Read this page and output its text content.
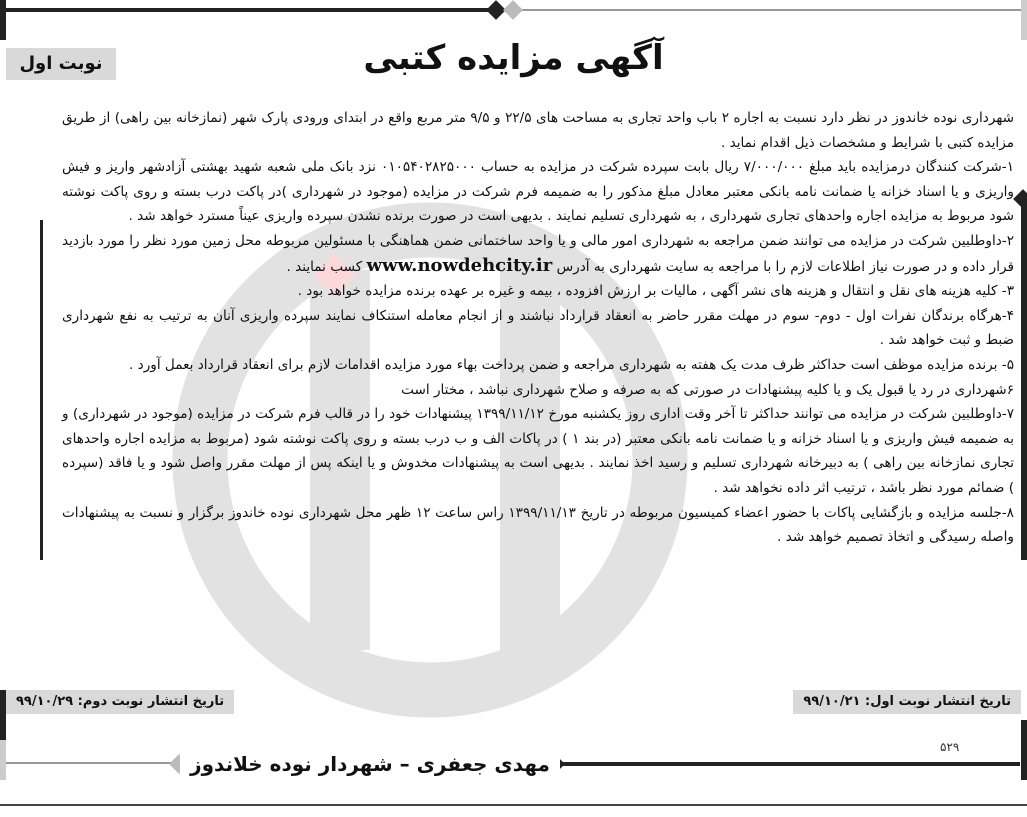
نوبت اول	آگهی مزایده کتبی

شهرداری نوده خاندوز در نظر دارد نسبت به اجاره ۲ باب واحد تجاری به مساحت های ۲۲/۵ و ۹/۵ متر مربع واقع در ابتدای ورودی پارک شهر (نمازخانه بین راهی) از طریق مزایده کتبی با شرایط و مشخصات ذیل اقدام نماید .

۱-شرکت کنندگان درمزایده باید مبلغ ۷/۰۰۰/۰۰۰ ریال بابت سپرده شرکت در مزایده به حساب ۰۱۰۵۴۰۲۸۲۵۰۰۰ نزد بانک ملی شعبه شهید بهشتی آزادشهر واریز و فیش واریزی و یا اسناد خزانه یا ضمانت نامه بانکی معتبر معادل مبلغ مذکور را به ضمیمه فرم شرکت در مزایده (موجود در شهرداری )در پاکت درب بسته و روی پاکت نوشته شود مربوط به مزایده اجاره واحدهای تجاری شهرداری ، به شهرداری تسلیم نمایند . بدیهی است در صورت برنده نشدن سپرده واریزی عیناً مسترد خواهد شد .

۲-داوطلبین شرکت در مزایده می توانند ضمن مراجعه به شهرداری امور مالی و یا واحد ساختمانی ضمن هماهنگی با مسئولین مربوطه محل زمین مورد نظر را مورد بازدید قرار داده و در صورت نیاز اطلاعات لازم را با مراجعه به سایت شهرداری به آدرس www.nowdehcity.ir کسب نمایند .

۳- کلیه هزینه های نقل و انتقال و هزینه های نشر آگهی ، مالیات بر ارزش افزوده ، بیمه و غیره بر عهده برنده مزایده خواهد بود .

۴-هرگاه برندگان نفرات اول - دوم- سوم در مهلت مقرر حاضر به انعقاد قرارداد نباشند و از انجام معامله استنکاف نمایند سپرده واریزی آنان به ترتیب به نفع شهرداری ضبط و ثبت خواهد شد .

۵- برنده مزایده موظف است حداکثر ظرف مدت یک هفته به شهرداری مراجعه و ضمن پرداخت بهاء مورد مزایده اقدامات لازم برای انعقاد قرارداد بعمل آورد .

۶شهرداری در رد یا قبول یک و یا کلیه پیشنهادات در صورتی که به صرفه و صلاح شهرداری نباشد ، مختار است

۷-داوطلبین شرکت در مزایده می توانند حداکثر تا آخر وقت اداری روز یکشنبه مورخ ۱۳۹۹/۱۱/۱۲ پیشنهادات خود را در قالب فرم شرکت در مزایده (موجود در شهرداری) و به ضمیمه فیش واریزی و یا اسناد خزانه و یا ضمانت نامه بانکی معتبر (در بند ۱ ) در پاکات الف و ب درب بسته و روی پاکت نوشته شود (مربوط به مزایده اجاره واحدهای تجاری نمازخانه بین راهی ) به دبیرخانه شهرداری تسلیم و رسید اخذ نمایند . بدیهی است به پیشنهادات مخدوش و یا اینکه پس از مهلت مقرر واصل شود و یا فاقد (سپرده ) ضمائم مورد نظر باشد ، ترتیب اثر داده نخواهد شد .

۸-جلسه مزایده و بازگشایی پاکات با حضور اعضاء کمیسیون مربوطه در تاریخ ۱۳۹۹/۱۱/۱۳ راس ساعت ۱۲ ظهر محل شهرداری نوده خاندوز برگزار و نسبت به پیشنهادات واصله رسیدگی و اتخاذ تصمیم خواهد شد .

تاریخ انتشار نوبت اول: ۹۹/۱۰/۲۱
تاریخ انتشار نوبت دوم: ۹۹/۱۰/۲۹
۵۲۹
مهدی جعفری – شهردار نوده خلاندوز
